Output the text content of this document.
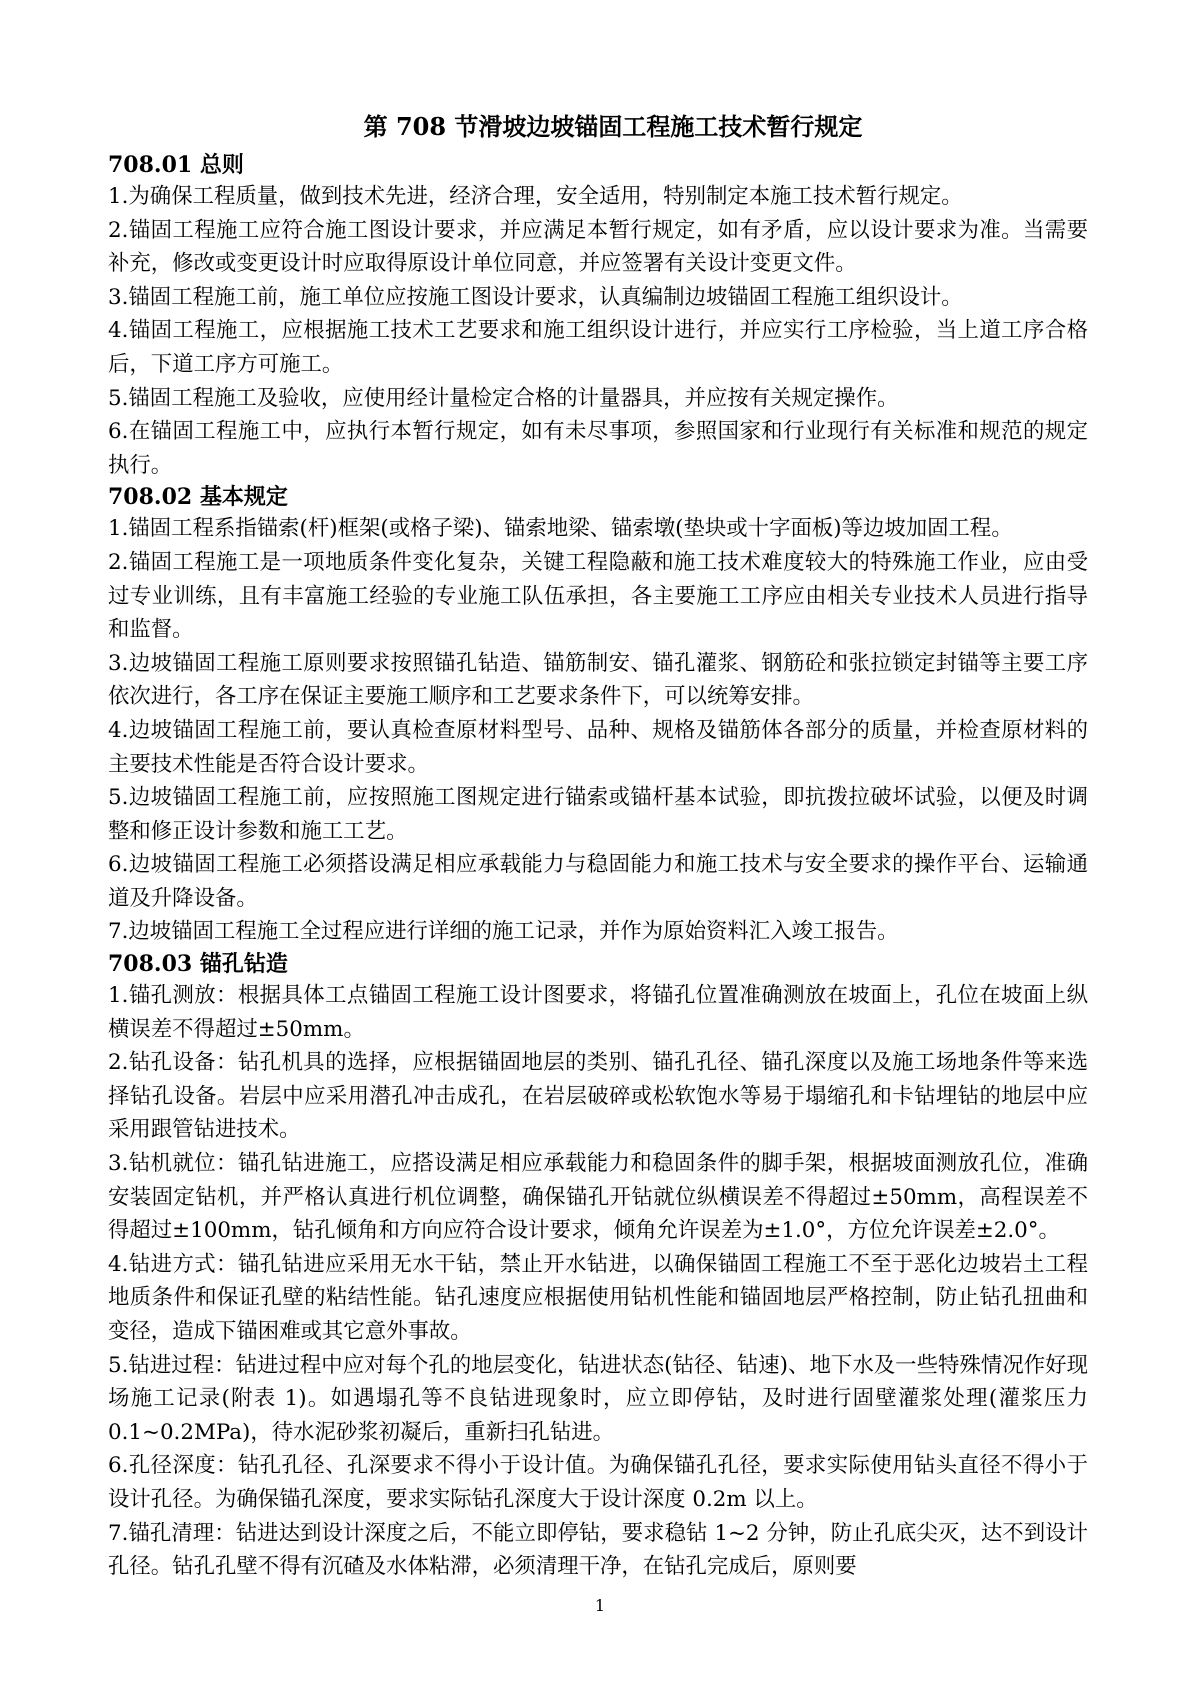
第 708 节滑坡边坡锚固工程施工技术暂行规定
708.01 总则

1.为确保工程质量，做到技术先进，经济合理，安全适用，特别制定本施工技术暂行规定。

2.锚固工程施工应符合施工图设计要求，并应满足本暂行规定，如有矛盾，应以设计要求为准。当需要补充，修改或变更设计时应取得原设计单位同意，并应签署有关设计变更文件。

3.锚固工程施工前，施工单位应按施工图设计要求，认真编制边坡锚固工程施工组织设计。

4.锚固工程施工，应根据施工技术工艺要求和施工组织设计进行，并应实行工序检验，当上道工序合格后，下道工序方可施工。

5.锚固工程施工及验收，应使用经计量检定合格的计量器具，并应按有关规定操作。

6.在锚固工程施工中，应执行本暂行规定，如有未尽事项，参照国家和行业现行有关标准和规范的规定执行。

708.02 基本规定

1.锚固工程系指锚索(杆)框架(或格子梁)、锚索地梁、锚索墩(垫块或十字面板)等边坡加固工程。

2.锚固工程施工是一项地质条件变化复杂，关键工程隐蔽和施工技术难度较大的特殊施工作业，应由受过专业训练，且有丰富施工经验的专业施工队伍承担，各主要施工工序应由相关专业技术人员进行指导和监督。

3.边坡锚固工程施工原则要求按照锚孔钻造、锚筋制安、锚孔灌浆、钢筋砼和张拉锁定封锚等主要工序依次进行，各工序在保证主要施工顺序和工艺要求条件下，可以统筹安排。

4.边坡锚固工程施工前，要认真检查原材料型号、品种、规格及锚筋体各部分的质量，并检查原材料的主要技术性能是否符合设计要求。

5.边坡锚固工程施工前，应按照施工图规定进行锚索或锚杆基本试验，即抗拨拉破坏试验，以便及时调整和修正设计参数和施工工艺。

6.边坡锚固工程施工必须搭设满足相应承载能力与稳固能力和施工技术与安全要求的操作平台、运输通道及升降设备。

7.边坡锚固工程施工全过程应进行详细的施工记录，并作为原始资料汇入竣工报告。

708.03 锚孔钻造

1.锚孔测放：根据具体工点锚固工程施工设计图要求，将锚孔位置准确测放在坡面上，孔位在坡面上纵横误差不得超过±50mm。

2.钻孔设备：钻孔机具的选择，应根据锚固地层的类别、锚孔孔径、锚孔深度以及施工场地条件等来选择钻孔设备。岩层中应采用潜孔冲击成孔，在岩层破碎或松软饱水等易于塌缩孔和卡钻埋钻的地层中应采用跟管钻进技术。

3.钻机就位：锚孔钻进施工，应搭设满足相应承载能力和稳固条件的脚手架，根据坡面测放孔位，准确安装固定钻机，并严格认真进行机位调整，确保锚孔开钻就位纵横误差不得超过±50mm，高程误差不得超过±100mm，钻孔倾角和方向应符合设计要求，倾角允许误差为±1.0°，方位允许误差±2.0°。

4.钻进方式：锚孔钻进应采用无水干钻，禁止开水钻进，以确保锚固工程施工不至于恶化边坡岩土工程地质条件和保证孔壁的粘结性能。钻孔速度应根据使用钻机性能和锚固地层严格控制，防止钻孔扭曲和变径，造成下锚困难或其它意外事故。

5.钻进过程：钻进过程中应对每个孔的地层变化，钻进状态(钻径、钻速)、地下水及一些特殊情况作好现场施工记录(附表 1)。如遇塌孔等不良钻进现象时，应立即停钻，及时进行固壁灌浆处理(灌浆压力 0.1~0.2MPa)，待水泥砂浆初凝后，重新扫孔钻进。

6.孔径深度：钻孔孔径、孔深要求不得小于设计值。为确保锚孔孔径，要求实际使用钻头直径不得小于设计孔径。为确保锚孔深度，要求实际钻孔深度大于设计深度 0.2m 以上。

7.锚孔清理：钻进达到设计深度之后，不能立即停钻，要求稳钻 1~2 分钟，防止孔底尖灭，达不到设计孔径。钻孔孔壁不得有沉碴及水体粘滞，必须清理干净，在钻孔完成后，原则要

1
